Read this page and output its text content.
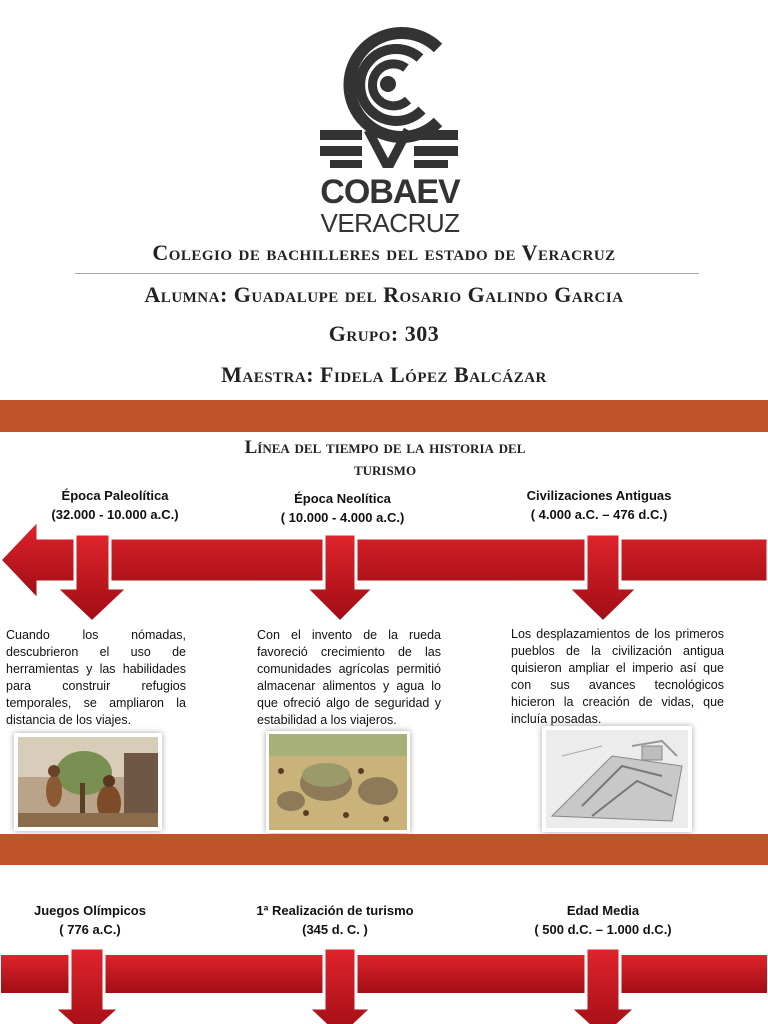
COBAEV
VERACRUZ
Colegio de bachilleres del estado de Veracruz
Alumna: Guadalupe del Rosario Galindo Garcia
Grupo: 303
Maestra: Fidela López Balcázar
Línea del tiempo de la historia del
turismo
Época Paleolítica
(32.000 - 10.000 a.C.)
Época Neolítica
( 10.000 - 4.000 a.C.)
Civilizaciones Antiguas
( 4.000 a.C. – 476 d.C.)
Cuando los nómadas, descubrieron el uso de herramientas y las habilidades para construir refugios temporales, se ampliaron la distancia de los viajes.
Con el invento de la rueda favoreció crecimiento de las comunidades agrícolas permitió almacenar alimentos y agua lo que ofreció algo de seguridad y estabilidad a los viajeros.
Los desplazamientos de los primeros pueblos de la civilización antigua quisieron ampliar el imperio así que con sus avances tecnológicos hicieron la creación de vidas, que incluía posadas.
Juegos Olímpicos
( 776 a.C.)
1ª Realización de turismo
(345 d. C. )
Edad Media
( 500 d.C. – 1.000 d.C.)
